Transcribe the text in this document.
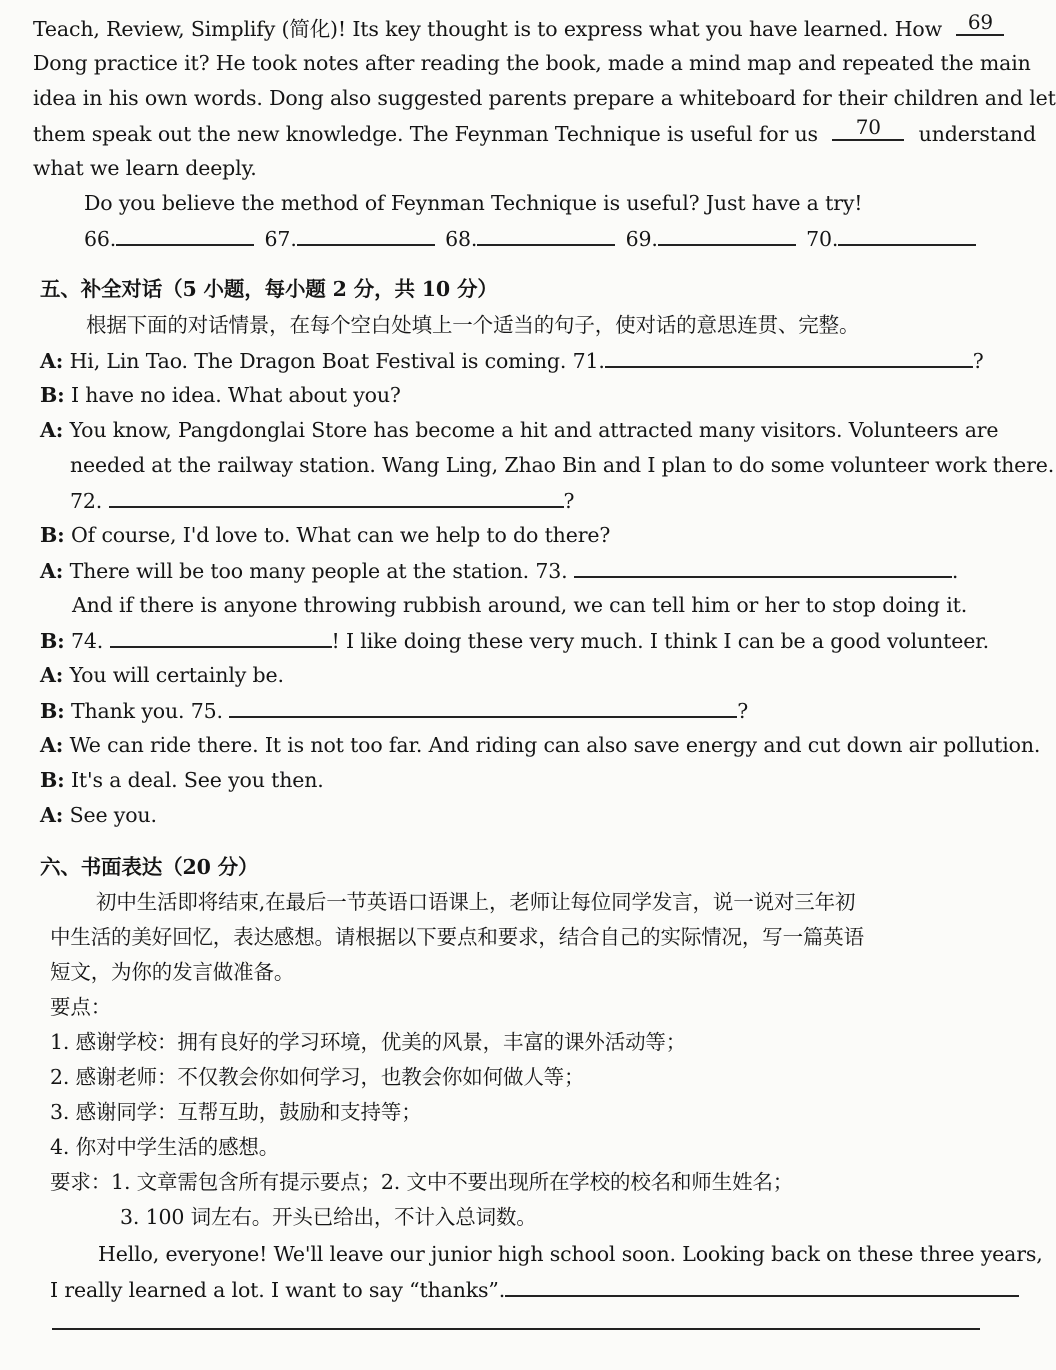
Teach, Review, Simplify (简化)! Its key thought is to express what you have learned. How	69
Dong practice it? He took notes after reading the book, made a mind map and repeated the main
idea in his own words. Dong also suggested parents prepare a whiteboard for their children and let
them speak out the new knowledge. The Feynman Technique is useful for us	70	understand
what we learn deeply.
Do you believe the method of Feynman Technique is useful? Just have a try!
66.	67.	68.	69.	70.
五、补全对话（5 小题，每小题 2 分，共 10 分）
根据下面的对话情景，在每个空白处填上一个适当的句子，使对话的意思连贯、完整。
A: Hi, Lin Tao. The Dragon Boat Festival is coming. 71.	?
B: I have no idea. What about you?
A: You know, Pangdonglai Store has become a hit and attracted many visitors. Volunteers are
needed at the railway station. Wang Ling, Zhao Bin and I plan to do some volunteer work there.
72.	?
B: Of course, I'd love to. What can we help to do there?
A: There will be too many people at the station. 73.	.
And if there is anyone throwing rubbish around, we can tell him or her to stop doing it.
B: 74.	! I like doing these very much. I think I can be a good volunteer.
A: You will certainly be.
B: Thank you. 75.	?
A: We can ride there. It is not too far. And riding can also save energy and cut down air pollution.
B: It's a deal. See you then.
A: See you.
六、书面表达（20 分）
初中生活即将结束,在最后一节英语口语课上，老师让每位同学发言，说一说对三年初
中生活的美好回忆，表达感想。请根据以下要点和要求，结合自己的实际情况，写一篇英语
短文，为你的发言做准备。
要点：
1. 感谢学校：拥有良好的学习环境，优美的风景，丰富的课外活动等；
2. 感谢老师：不仅教会你如何学习，也教会你如何做人等；
3. 感谢同学：互帮互助，鼓励和支持等；
4. 你对中学生活的感想。
要求：1. 文章需包含所有提示要点；2. 文中不要出现所在学校的校名和师生姓名；
3. 100 词左右。开头已给出，不计入总词数。
Hello, everyone! We'll leave our junior high school soon. Looking back on these three years,
I really learned a lot. I want to say “thanks”.
